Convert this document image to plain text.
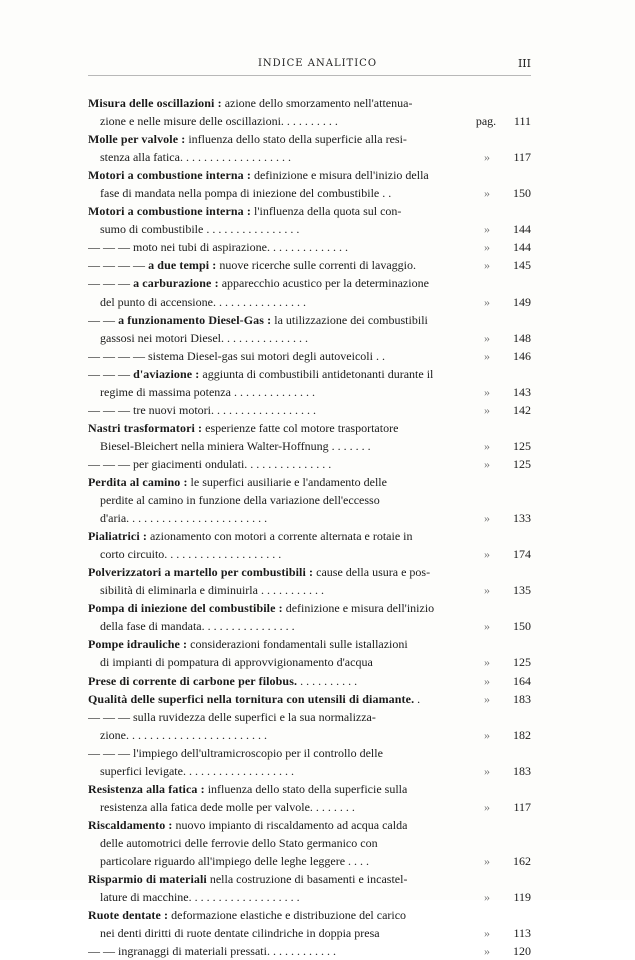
INDICE ANALITICO	III
Misura delle oscillazioni : azione dello smorzamento nell'attenua-
zione e nelle misure delle oscillazioni. . . . . . . . . .	pag. 111
Molle per valvole : influenza dello stato della superficie alla resi-
stenza alla fatica. . . . . . . . . . . . . . . . . . .	» 117
Motori a combustione interna : definizione e misura dell'inizio della
fase di mandata nella pompa di iniezione del combustibile . .	» 150
Motori a combustione interna : l'influenza della quota sul con-
sumo di combustibile . . . . . . . . . . . . . . . .	» 144
— — — moto nei tubi di aspirazione. . . . . . . . . . . . . .	» 144
— — — — a due tempi : nuove ricerche sulle correnti di lavaggio.	» 145
— — — a carburazione : apparecchio acustico per la determinazione
del punto di accensione. . . . . . . . . . . . . . . .	» 149
— — a funzionamento Diesel-Gas : la utilizzazione dei combustibili
gassosi nei motori Diesel. . . . . . . . . . . . . . .	» 148
— — — — sistema Diesel-gas sui motori degli autoveicoli . .	» 146
— — — d'aviazione : aggiunta di combustibili antidetonanti durante il
regime di massima potenza . . . . . . . . . . . . . .	» 143
— — — tre nuovi motori. . . . . . . . . . . . . . . . . .	» 142
Nastri trasformatori : esperienze fatte col motore trasportatore
Biesel-Bleichert nella miniera Walter-Hoffnung . . . . . . .	» 125
— — — per giacimenti ondulati. . . . . . . . . . . . . . .	» 125
Perdita al camino : le superfici ausiliarie e l'andamento delle
perdite al camino in funzione della variazione dell'eccesso
d'aria. . . . . . . . . . . . . . . . . . . . . . . .	» 133
Pialiatrici : azionamento con motori a corrente alternata e rotaie in
corto circuito. . . . . . . . . . . . . . . . . . . .	» 174
Polverizzatori a martello per combustibili : cause della usura e pos-
sibilità di eliminarla e diminuirla . . . . . . . . . . .	» 135
Pompa di iniezione del combustibile : definizione e misura dell'inizio
della fase di mandata. . . . . . . . . . . . . . . .	» 150
Pompe idrauliche : considerazioni fondamentali sulle istallazioni
di impianti di pompatura di approvvigionamento d'acqua	» 125
Prese di corrente di carbone per filobus. . . . . . . . . . .	» 164
Qualità delle superfici nella tornitura con utensili di diamante. .	» 183
— — — sulla ruvidezza delle superfici e la sua normalizza-
zione. . . . . . . . . . . . . . . . . . . . . . . .	» 182
— — — l'impiego dell'ultramicroscopio per il controllo delle
superfici levigate. . . . . . . . . . . . . . . . . . .	» 183
Resistenza alla fatica : influenza dello stato della superficie sulla
resistenza alla fatica dede molle per valvole. . . . . . . .	» 117
Riscaldamento : nuovo impianto di riscaldamento ad acqua calda
delle automotrici delle ferrovie dello Stato germanico con
particolare riguardo all'impiego delle leghe leggere . . . .	» 162
Risparmio di materiali nella costruzione di basamenti e incastel-
lature di macchine. . . . . . . . . . . . . . . . . . .	» 119
Ruote dentate : deformazione elastiche e distribuzione del carico
nei denti diritti di ruote dentate cilindriche in doppia presa	» 113
— — ingranaggi di materiali pressati. . . . . . . . . . . .	» 120
